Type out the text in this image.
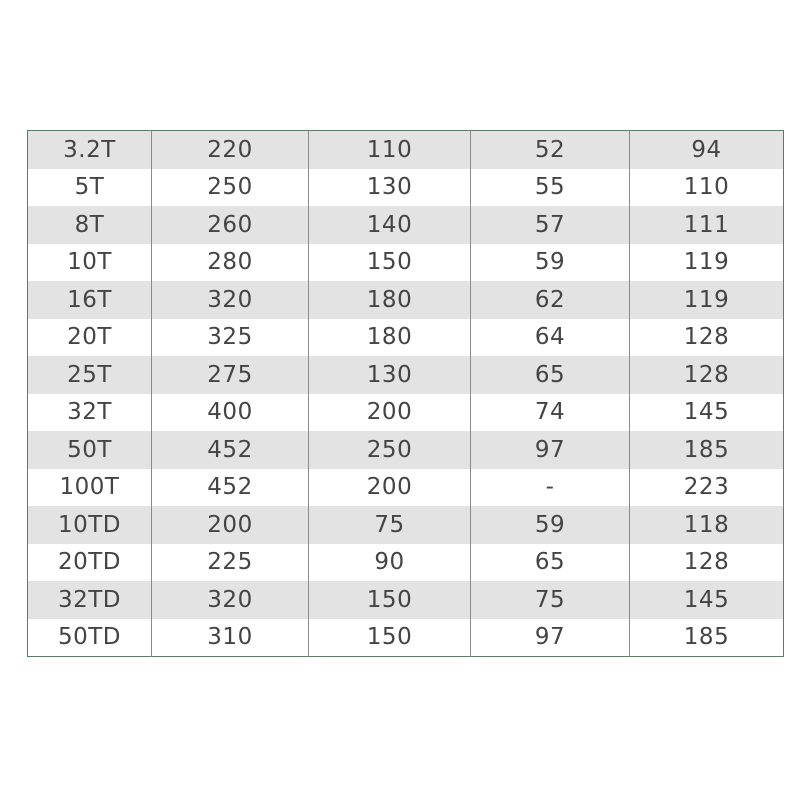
3.2T	220	110	52	94
5T	250	130	55	110
8T	260	140	57	111
10T	280	150	59	119
16T	320	180	62	119
20T	325	180	64	128
25T	275	130	65	128
32T	400	200	74	145
50T	452	250	97	185
100T	452	200	-	223
10TD	200	75	59	118
20TD	225	90	65	128
32TD	320	150	75	145
50TD	310	150	97	185
